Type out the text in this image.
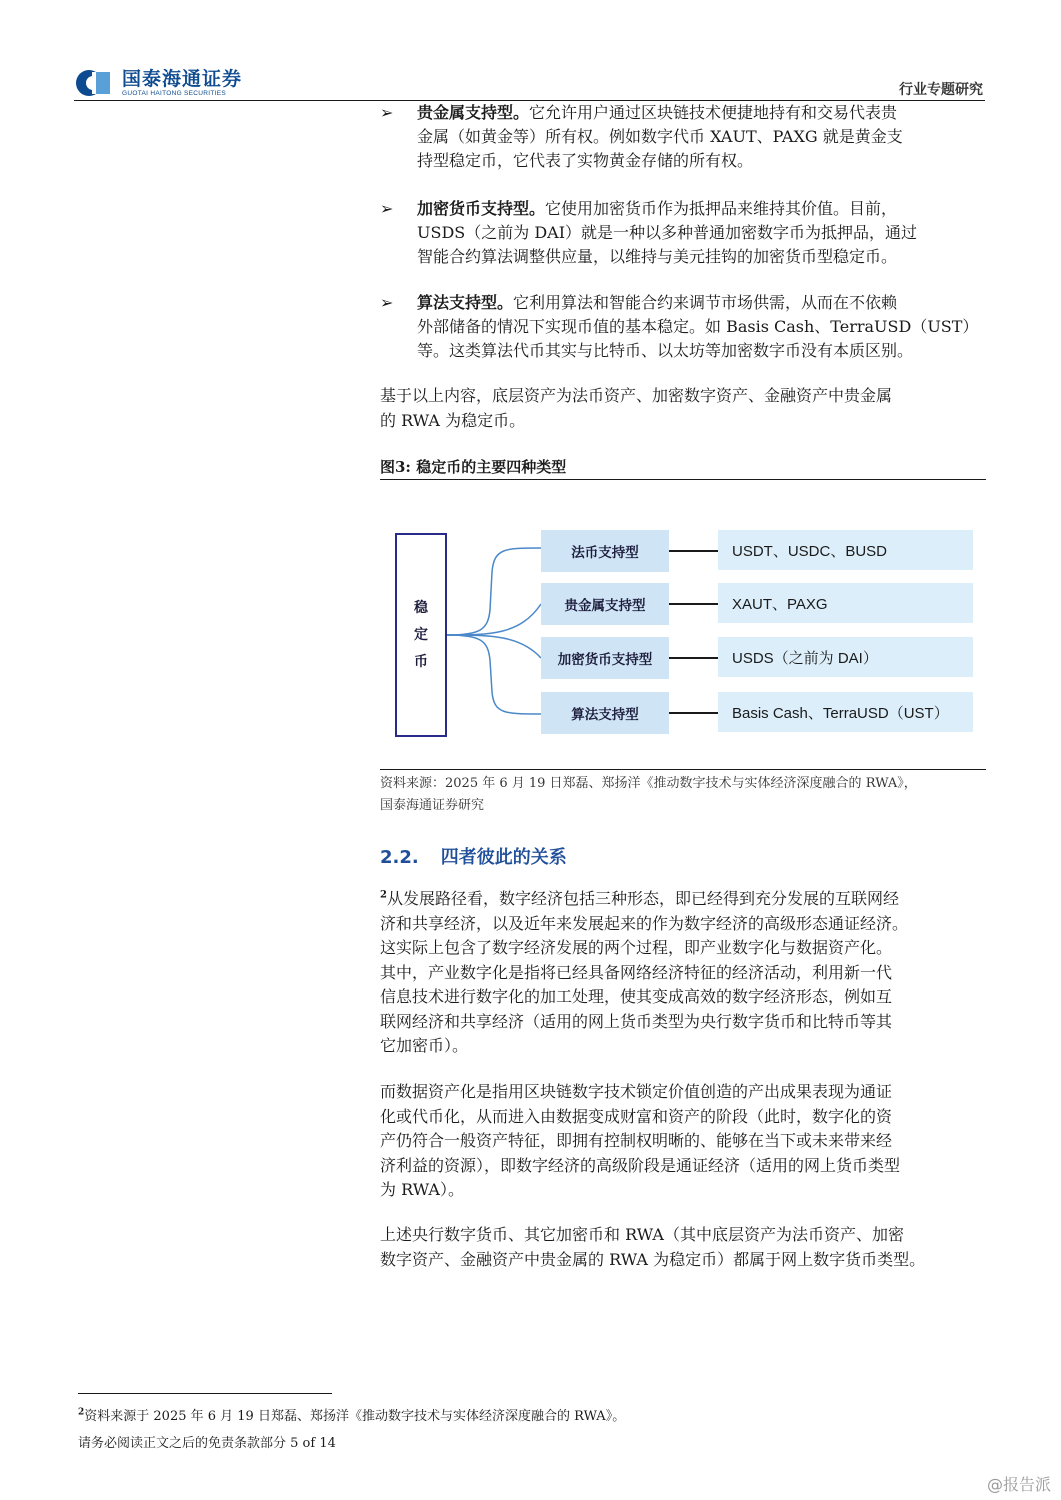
国泰海通证券
GUOTAI HAITONG SECURITIES	行业专题研究
➢ 贵金属支持型。它允许用户通过区块链技术便捷地持有和交易代表贵
金属（如黄金等）所有权。例如数字代币 XAUT、PAXG 就是黄金支
持型稳定币，它代表了实物黄金存储的所有权。
➢ 加密货币支持型。它使用加密货币作为抵押品来维持其价值。目前，
USDS（之前为 DAI）就是一种以多种普通加密数字币为抵押品，通过
智能合约算法调整供应量，以维持与美元挂钩的加密货币型稳定币。
➢ 算法支持型。它利用算法和智能合约来调节市场供需，从而在不依赖
外部储备的情况下实现币值的基本稳定。如 Basis Cash、TerraUSD（UST）
等。这类算法代币其实与比特币、以太坊等加密数字币没有本质区别。
基于以上内容，底层资产为法币资产、加密数字资产、金融资产中贵金属
的 RWA 为稳定币。
图3: 稳定币的主要四种类型
稳
定
币
法币支持型	USDT、USDC、BUSD
贵金属支持型	XAUT、PAXG
加密货币支持型	USDS（之前为 DAI）
算法支持型	Basis Cash、TerraUSD（UST）
资料来源：2025 年 6 月 19 日郑磊、郑扬洋《推动数字技术与实体经济深度融合的 RWA》，
国泰海通证券研究
2.2. 四者彼此的关系
$^2$从发展路径看，数字经济包括三种形态，即已经得到充分发展的互联网经
济和共享经济，以及近年来发展起来的作为数字经济的高级形态通证经济。
这实际上包含了数字经济发展的两个过程，即产业数字化与数据资产化。
其中，产业数字化是指将已经具备网络经济特征的经济活动，利用新一代
信息技术进行数字化的加工处理，使其变成高效的数字经济形态，例如互
联网经济和共享经济（适用的网上货币类型为央行数字货币和比特币等其
它加密币）。
而数据资产化是指用区块链数字技术锁定价值创造的产出成果表现为通证
化或代币化，从而进入由数据变成财富和资产的阶段（此时，数字化的资
产仍符合一般资产特征，即拥有控制权明晰的、能够在当下或未来带来经
济利益的资源），即数字经济的高级阶段是通证经济（适用的网上货币类型
为 RWA）。
上述央行数字货币、其它加密币和 RWA（其中底层资产为法币资产、加密
数字资产、金融资产中贵金属的 RWA 为稳定币）都属于网上数字货币类型。
$^2$资料来源于 2025 年 6 月 19 日郑磊、郑扬洋《推动数字技术与实体经济深度融合的 RWA》。
请务必阅读正文之后的免责条款部分 5 of 14
@报告派
